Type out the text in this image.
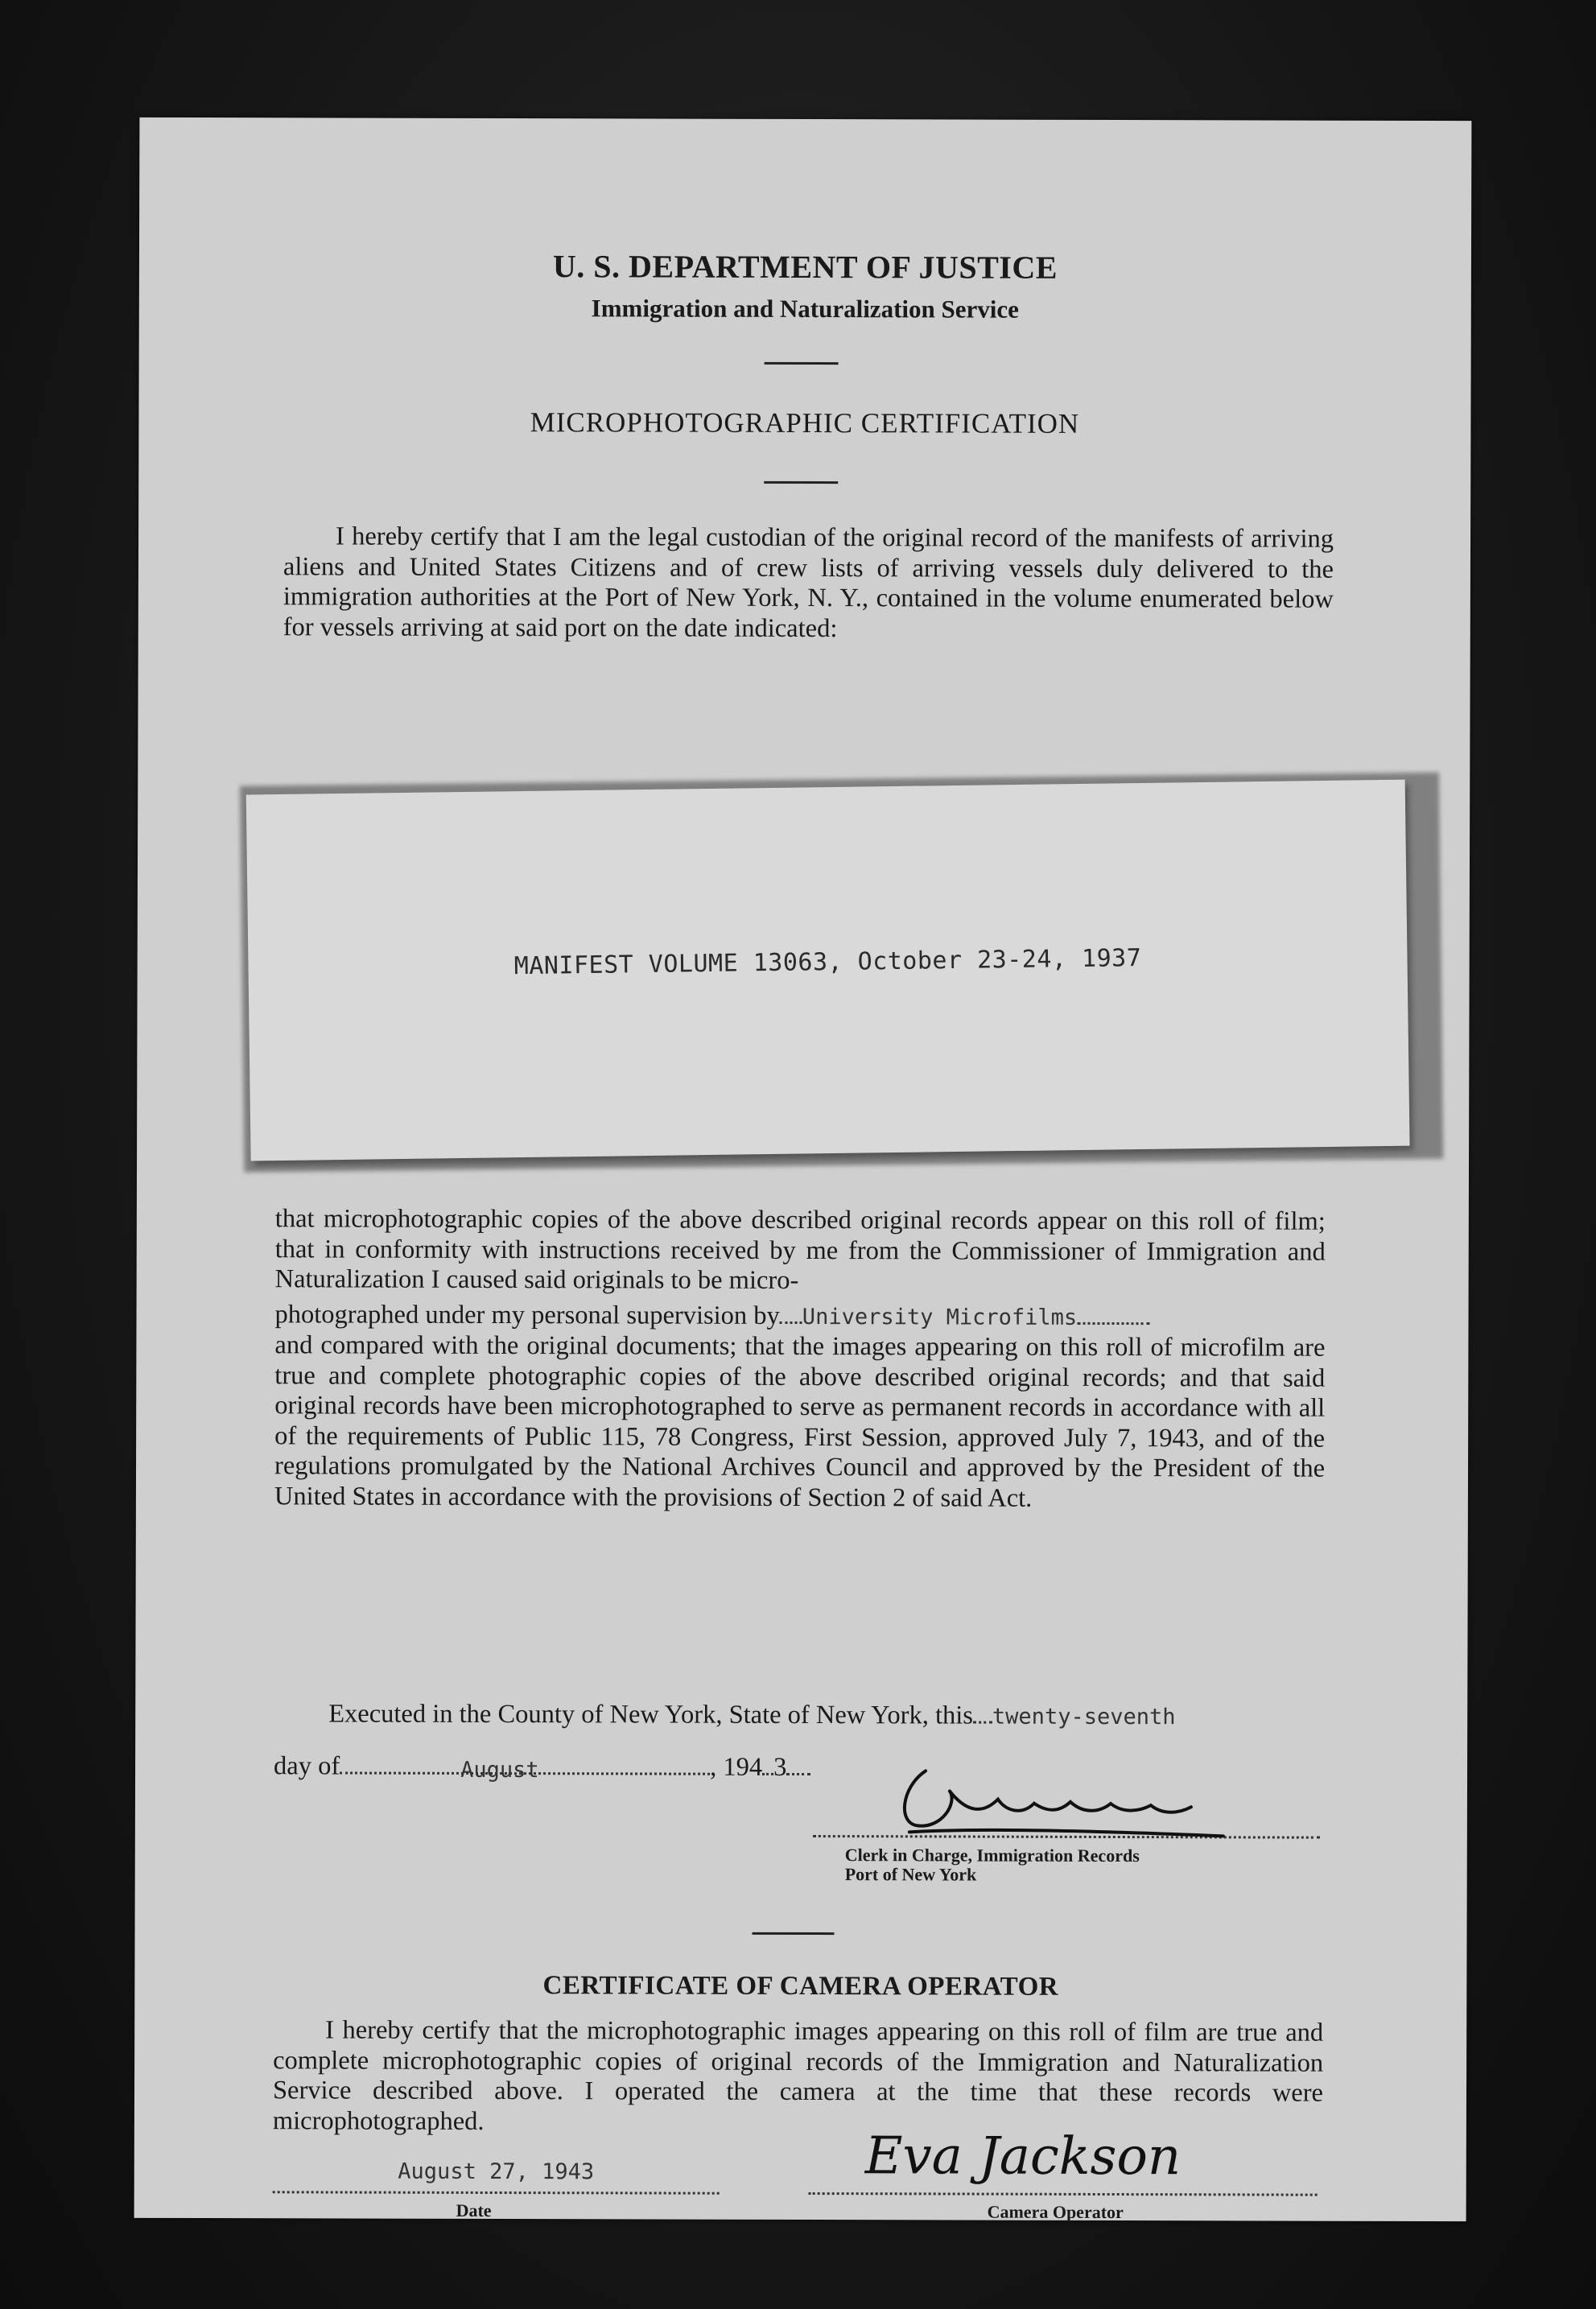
U. S. DEPARTMENT OF JUSTICE
Immigration and Naturalization Service
MICROPHOTOGRAPHIC CERTIFICATION

I hereby certify that I am the legal custodian of the original record of the manifests of arriving aliens and United States Citizens and of crew lists of arriving vessels duly delivered to the immigration authorities at the Port of New York, N. Y., contained in the volume enumerated below for vessels arriving at said port on the date indicated:

MANIFEST VOLUME 13063, October 23-24, 1937

that microphotographic copies of the above described original records appear on this roll of film; that in conformity with instructions received by me from the Commissioner of Immigration and Naturalization I caused said originals to be micro-

photographed under my personal supervision by University Microfilms

and compared with the original documents; that the images appearing on this roll of microfilm are true and complete photographic copies of the above described original records; and that said original records have been microphotographed to serve as permanent records in accordance with all of the requirements of Public 115, 78 Congress, First Session, approved July 7, 1943, and of the regulations promulgated by the National Archives Council and approved by the President of the United States in accordance with the provisions of Section 2 of said Act.

Executed in the County of New York, State of New York, this twenty-seventh
day of	August	, 194 3
Clerk in Charge, Immigration Records
Port of New York
CERTIFICATE OF CAMERA OPERATOR

I hereby certify that the microphotographic images appearing on this roll of film are true and complete microphotographic copies of original records of the Immigration and Naturalization Service described above. I operated the camera at the time that these records were microphotographed.

August 27, 1943
Date
Eva Jackson
Camera Operator
